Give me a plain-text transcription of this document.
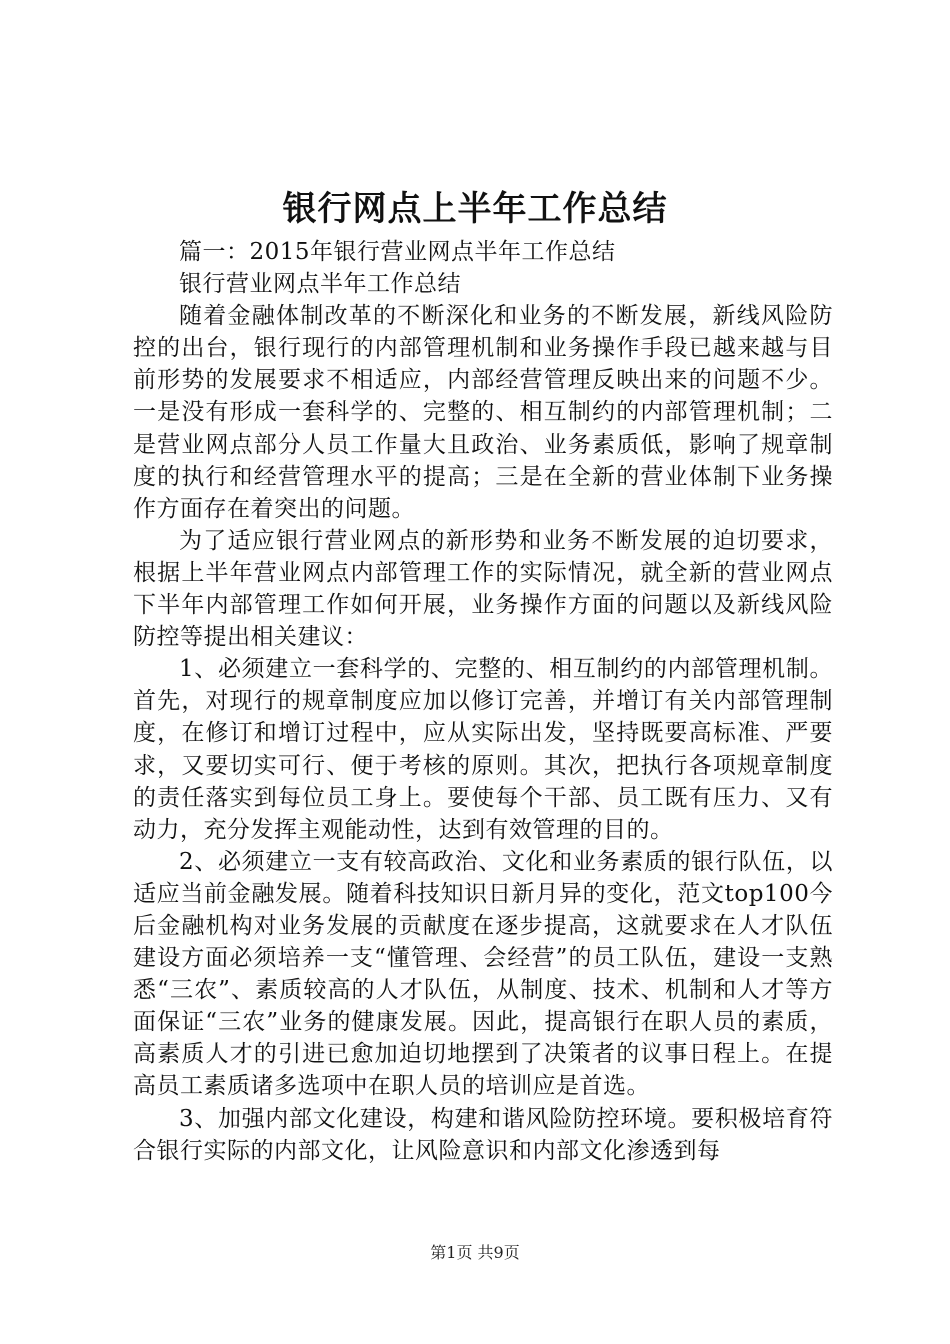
银行网点上半年工作总结

篇一：2015年银行营业网点半年工作总结

银行营业网点半年工作总结

随着金融体制改革的不断深化和业务的不断发展，新线风险防控的出台，银行现行的内部管理机制和业务操作手段已越来越与目前形势的发展要求不相适应，内部经营管理反映出来的问题不少。一是没有形成一套科学的、完整的、相互制约的内部管理机制；二是营业网点部分人员工作量大且政治、业务素质低，影响了规章制度的执行和经营管理水平的提高；三是在全新的营业体制下业务操作方面存在着突出的问题。

为了适应银行营业网点的新形势和业务不断发展的迫切要求，根据上半年营业网点内部管理工作的实际情况，就全新的营业网点下半年内部管理工作如何开展，业务操作方面的问题以及新线风险防控等提出相关建议：

1、必须建立一套科学的、完整的、相互制约的内部管理机制。首先，对现行的规章制度应加以修订完善，并增订有关内部管理制度，在修订和增订过程中，应从实际出发，坚持既要高标准、严要求，又要切实可行、便于考核的原则。其次，把执行各项规章制度的责任落实到每位员工身上。要使每个干部、员工既有压力、又有动力，充分发挥主观能动性，达到有效管理的目的。

2、必须建立一支有较高政治、文化和业务素质的银行队伍，以适应当前金融发展。随着科技知识日新月异的变化，范文top100今后金融机构对业务发展的贡献度在逐步提高，这就要求在人才队伍建设方面必须培养一支“懂管理、会经营”的员工队伍，建设一支熟悉“三农”、素质较高的人才队伍，从制度、技术、机制和人才等方面保证“三农”业务的健康发展。因此，提高银行在职人员的素质，高素质人才的引进已愈加迫切地摆到了决策者的议事日程上。在提高员工素质诸多选项中在职人员的培训应是首选。

3、加强内部文化建设，构建和谐风险防控环境。要积极培育符合银行实际的内部文化，让风险意识和内部文化渗透到每

第1页 共9页
